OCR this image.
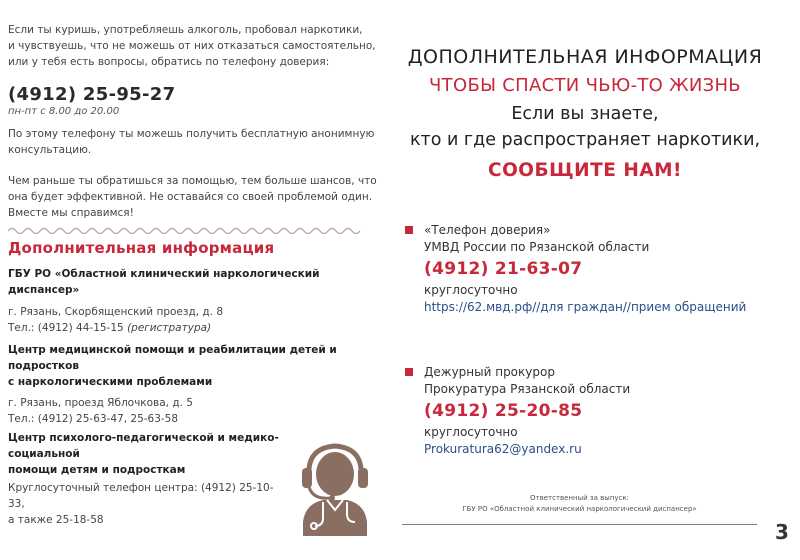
Если ты куришь, употребляешь алкоголь, пробовал наркотики,
и чувствуешь, что не можешь от них отказаться самостоятельно,
или у тебя есть вопросы, обратись по телефону доверия:
(4912) 25-95-27
пн-пт с 8.00 до 20.00
По этому телефону ты можешь получить бесплатную анонимную
консультацию.
Чем раньше ты обратишься за помощью, тем больше шансов, что
она будет эффективной. Не оставайся со своей проблемой один.
Вместе мы справимся!
Дополнительная информация
ГБУ РО «Областной клинический наркологический диспансер»
г. Рязань, Скорбященский проезд, д. 8
Тел.: (4912) 44-15-15 (регистратура)
Центр медицинской помощи и реабилитации детей и подростков
с наркологическими проблемами
г. Рязань, проезд Яблочкова, д. 5
Тел.: (4912) 25-63-47, 25-63-58
Центр психолого-педагогической и медико-социальной
помощи детям и подросткам
Круглосуточный телефон центра: (4912) 25-10-33,
а также 25-18-58
ДОПОЛНИТЕЛЬНАЯ ИНФОРМАЦИЯ
ЧТОБЫ СПАСТИ ЧЬЮ-ТО ЖИЗНЬ
Если вы знаете,
кто и где распространяет наркотики,
СООБЩИТЕ НАМ!
«Телефон доверия»
УМВД России по Рязанской области
(4912) 21-63-07
круглосуточно
https://62.мвд.рф//для граждан//прием обращений
Дежурный прокурор
Прокуратура Рязанской области
(4912) 25-20-85
круглосуточно
Prokuratura62@yandex.ru
Ответственный за выпуск:
ГБУ РО «Областной клинический наркологический диспансер»
3
